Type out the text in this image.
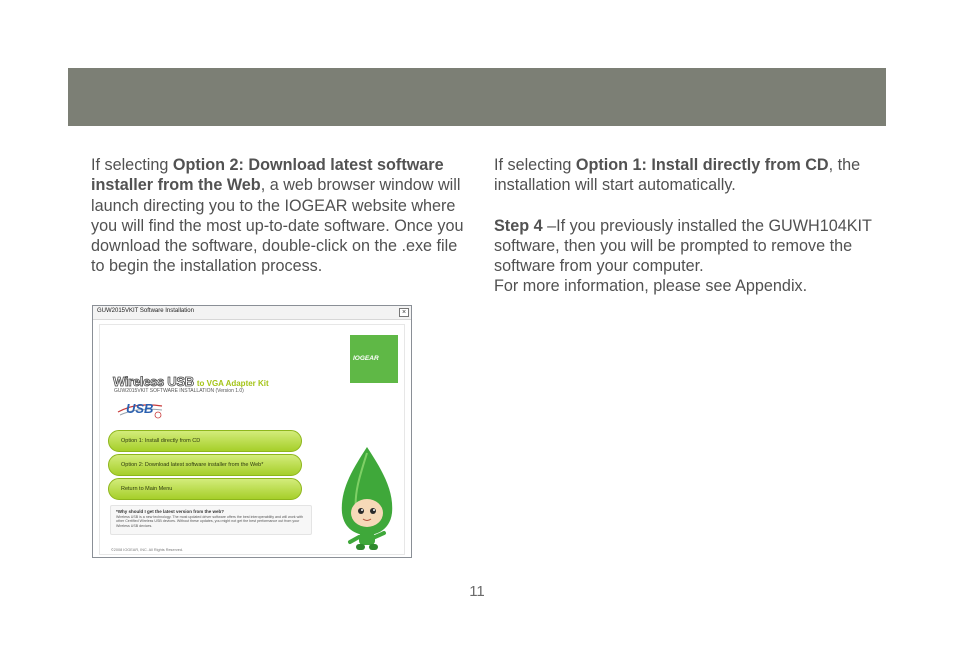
If selecting Option 2: Download latest software installer from the Web, a web browser window will launch directing you to the IOGEAR website where you will find the most up-to-date software. Once you download the software, double-click on the .exe file to begin the installation process.
If selecting Option 1: Install directly from CD, the installation will start automatically.
Step 4 –If you previously installed the GUWH104KIT software, then you will be prompted to remove the software from your computer.
For more information, please see Appendix.
GUW2015VKIT Software Installation	×
IOGEAR
Wireless USB to VGA Adapter Kit
GUW2015VKIT SOFTWARE INSTALLATION (Version 1.0)
USB
Option 1: Install directly from CD
Option 2: Download latest software installer from the Web*
Return to Main Menu
*Why should I get the latest version from the web?
Wireless USB is a new technology. The most updated driver software offers the best interoperability and will work with other Certified Wireless USB devices. Without these updates, you might not get the best performance out from your Wireless USB devices.
©2008 IOGEAR, INC. All Rights Reserved.
11
